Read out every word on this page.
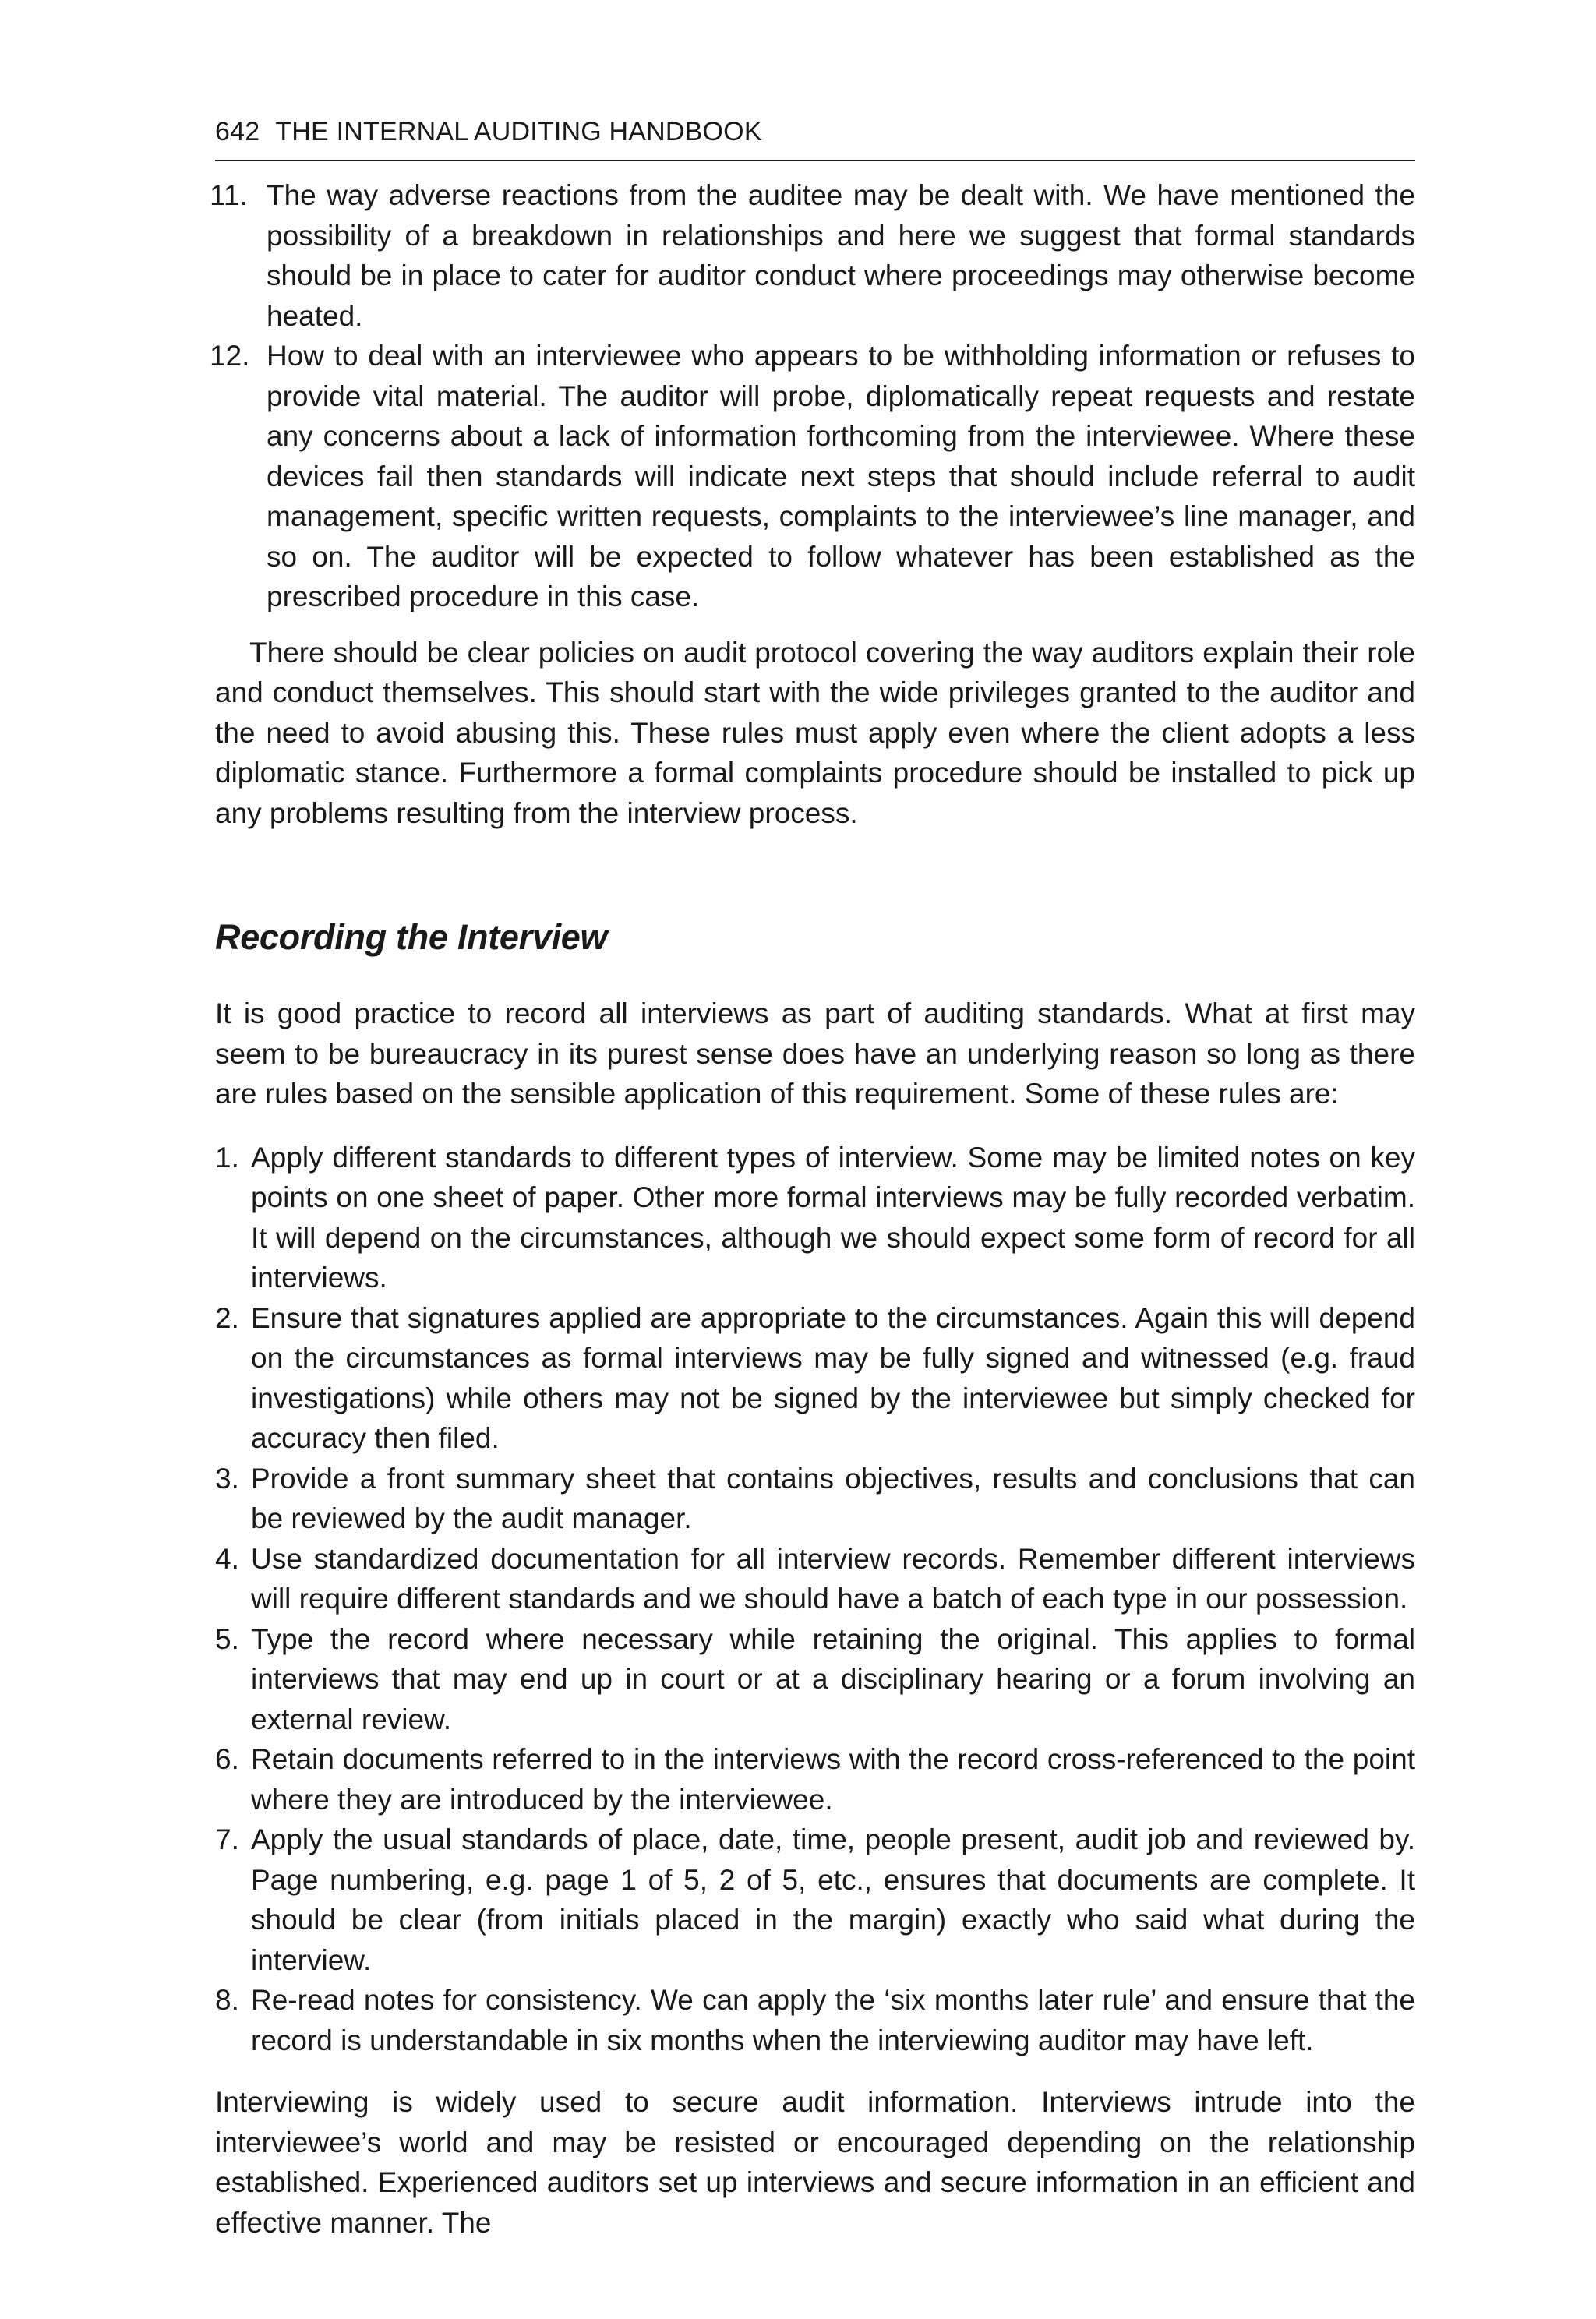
642 THE INTERNAL AUDITING HANDBOOK
11. The way adverse reactions from the auditee may be dealt with. We have mentioned the possibility of a breakdown in relationships and here we suggest that formal standards should be in place to cater for auditor conduct where proceedings may otherwise become heated.
12. How to deal with an interviewee who appears to be withholding information or refuses to provide vital material. The auditor will probe, diplomatically repeat requests and restate any concerns about a lack of information forthcoming from the interviewee. Where these devices fail then standards will indicate next steps that should include referral to audit management, specific written requests, complaints to the interviewee’s line manager, and so on. The auditor will be expected to follow whatever has been established as the prescribed procedure in this case.

There should be clear policies on audit protocol covering the way auditors explain their role and conduct themselves. This should start with the wide privileges granted to the auditor and the need to avoid abusing this. These rules must apply even where the client adopts a less diplomatic stance. Furthermore a formal complaints procedure should be installed to pick up any problems resulting from the interview process.

Recording the Interview

It is good practice to record all interviews as part of auditing standards. What at first may seem to be bureaucracy in its purest sense does have an underlying reason so long as there are rules based on the sensible application of this requirement. Some of these rules are:

1. Apply different standards to different types of interview. Some may be limited notes on key points on one sheet of paper. Other more formal interviews may be fully recorded verbatim. It will depend on the circumstances, although we should expect some form of record for all interviews.
2. Ensure that signatures applied are appropriate to the circumstances. Again this will depend on the circumstances as formal interviews may be fully signed and witnessed (e.g. fraud investigations) while others may not be signed by the interviewee but simply checked for accuracy then filed.
3. Provide a front summary sheet that contains objectives, results and conclusions that can be reviewed by the audit manager.
4. Use standardized documentation for all interview records. Remember different interviews will require different standards and we should have a batch of each type in our possession.
5. Type the record where necessary while retaining the original. This applies to formal interviews that may end up in court or at a disciplinary hearing or a forum involving an external review.
6. Retain documents referred to in the interviews with the record cross-referenced to the point where they are introduced by the interviewee.
7. Apply the usual standards of place, date, time, people present, audit job and reviewed by. Page numbering, e.g. page 1 of 5, 2 of 5, etc., ensures that documents are complete. It should be clear (from initials placed in the margin) exactly who said what during the interview.
8. Re-read notes for consistency. We can apply the ‘six months later rule’ and ensure that the record is understandable in six months when the interviewing auditor may have left.

Interviewing is widely used to secure audit information. Interviews intrude into the interviewee’s world and may be resisted or encouraged depending on the relationship established. Experienced auditors set up interviews and secure information in an efficient and effective manner. The
